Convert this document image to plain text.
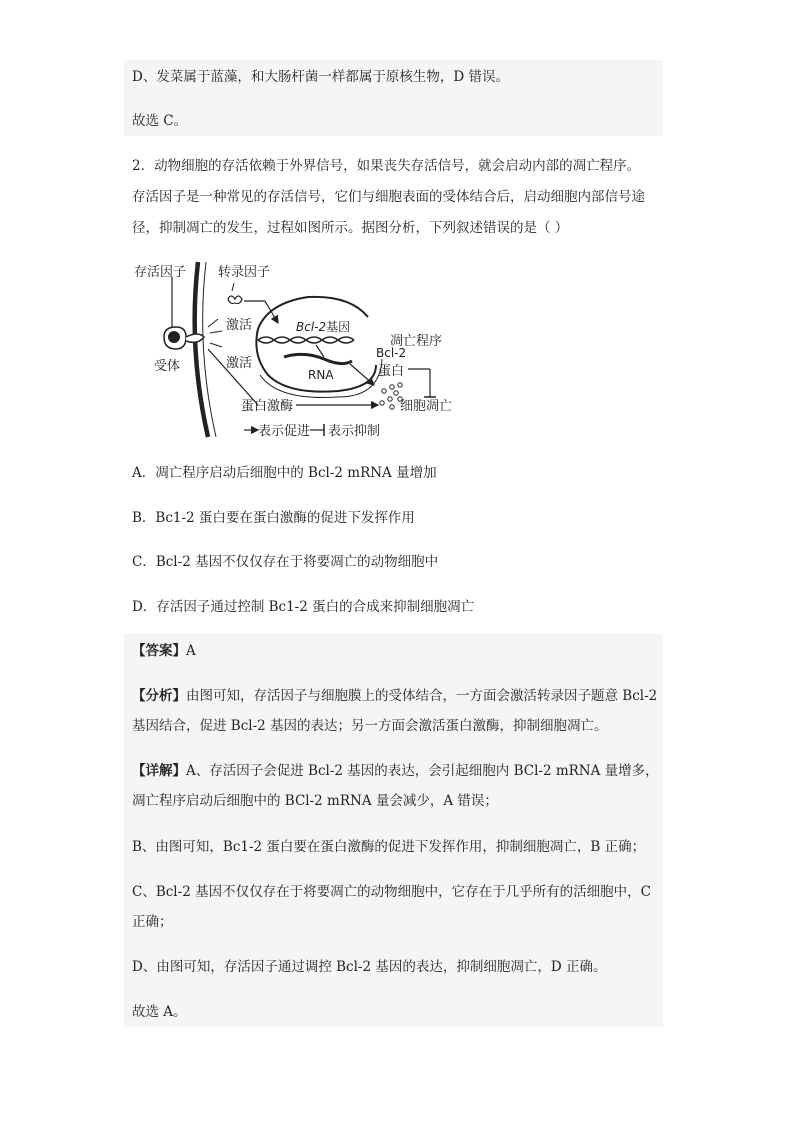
D、发菜属于蓝藻，和大肠杆菌一样都属于原核生物，D 错误。
故选 C。
2．动物细胞的存活依赖于外界信号，如果丧失存活信号，就会启动内部的凋亡程序。
存活因子是一种常见的存活信号，它们与细胞表面的受体结合后，启动细胞内部信号途
径，抑制凋亡的发生，过程如图所示。据图分析，下列叙述错误的是（ ）
存活因子
受体
转录因子
激活
激活
Bcl-2基因
RNA
Bcl-2
蛋白
凋亡程序
细胞凋亡
蛋白激酶
表示促进 表示抑制
A．凋亡程序启动后细胞中的 Bcl-2 mRNA 量增加
B．Bc1-2 蛋白要在蛋白激酶的促进下发挥作用
C．Bcl-2 基因不仅仅存在于将要凋亡的动物细胞中
D．存活因子通过控制 Bc1-2 蛋白的合成来抑制细胞凋亡
【答案】A
【分析】由图可知，存活因子与细胞膜上的受体结合，一方面会激活转录因子题意 Bcl-2
基因结合，促进 Bcl-2 基因的表达；另一方面会激活蛋白激酶，抑制细胞凋亡。
【详解】A、存活因子会促进 Bcl-2 基因的表达，会引起细胞内 BCl-2 mRNA 量增多，
凋亡程序启动后细胞中的 BCl-2 mRNA 量会减少，A 错误；
B、由图可知，Bc1-2 蛋白要在蛋白激酶的促进下发挥作用，抑制细胞凋亡，B 正确；
C、Bcl-2 基因不仅仅存在于将要凋亡的动物细胞中，它存在于几乎所有的活细胞中，C
正确；
D、由图可知，存活因子通过调控 Bcl-2 基因的表达，抑制细胞凋亡，D 正确。
故选 A。
